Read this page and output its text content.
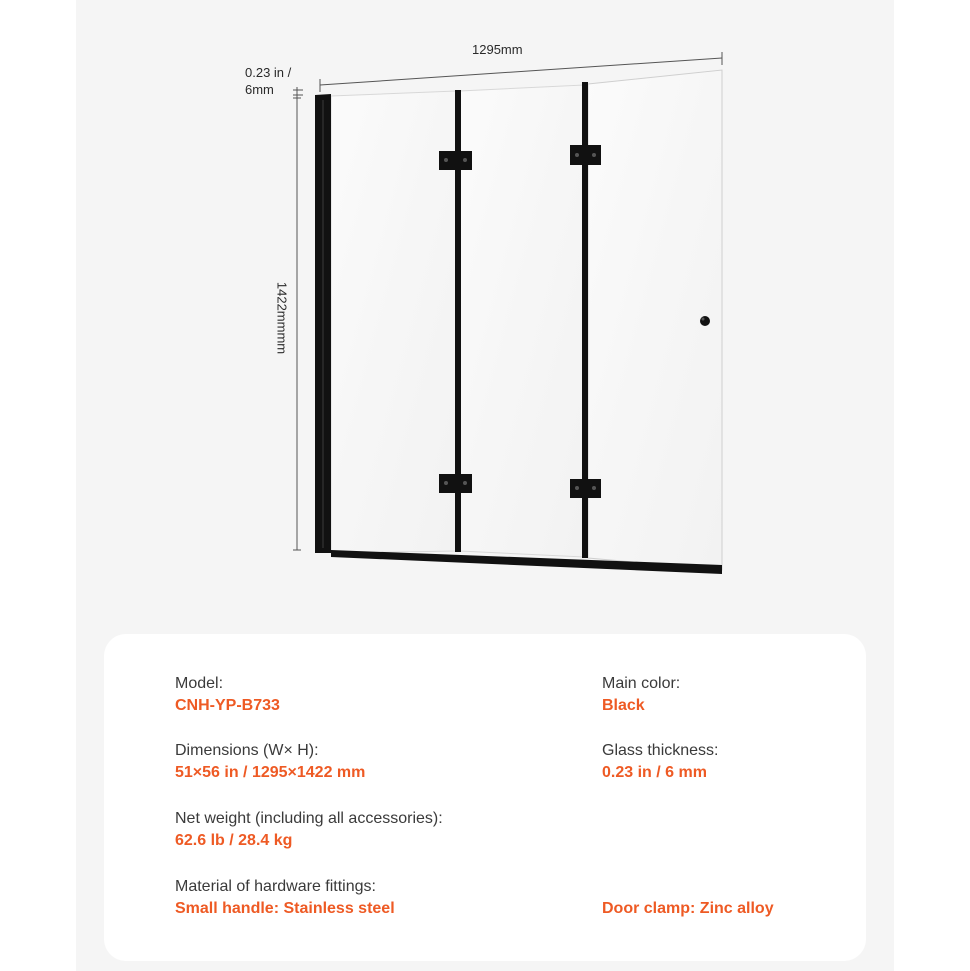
1295mm
0.23 in /
6mm
1422mmmm
Model:
CNH-YP-B733
Main color:
Black
Dimensions (W× H):
51×56 in / 1295×1422 mm
Glass thickness:
0.23 in / 6 mm
Net weight (including all accessories):
62.6 lb / 28.4 kg
Material of hardware fittings:
Small handle: Stainless steel	Door clamp: Zinc alloy
